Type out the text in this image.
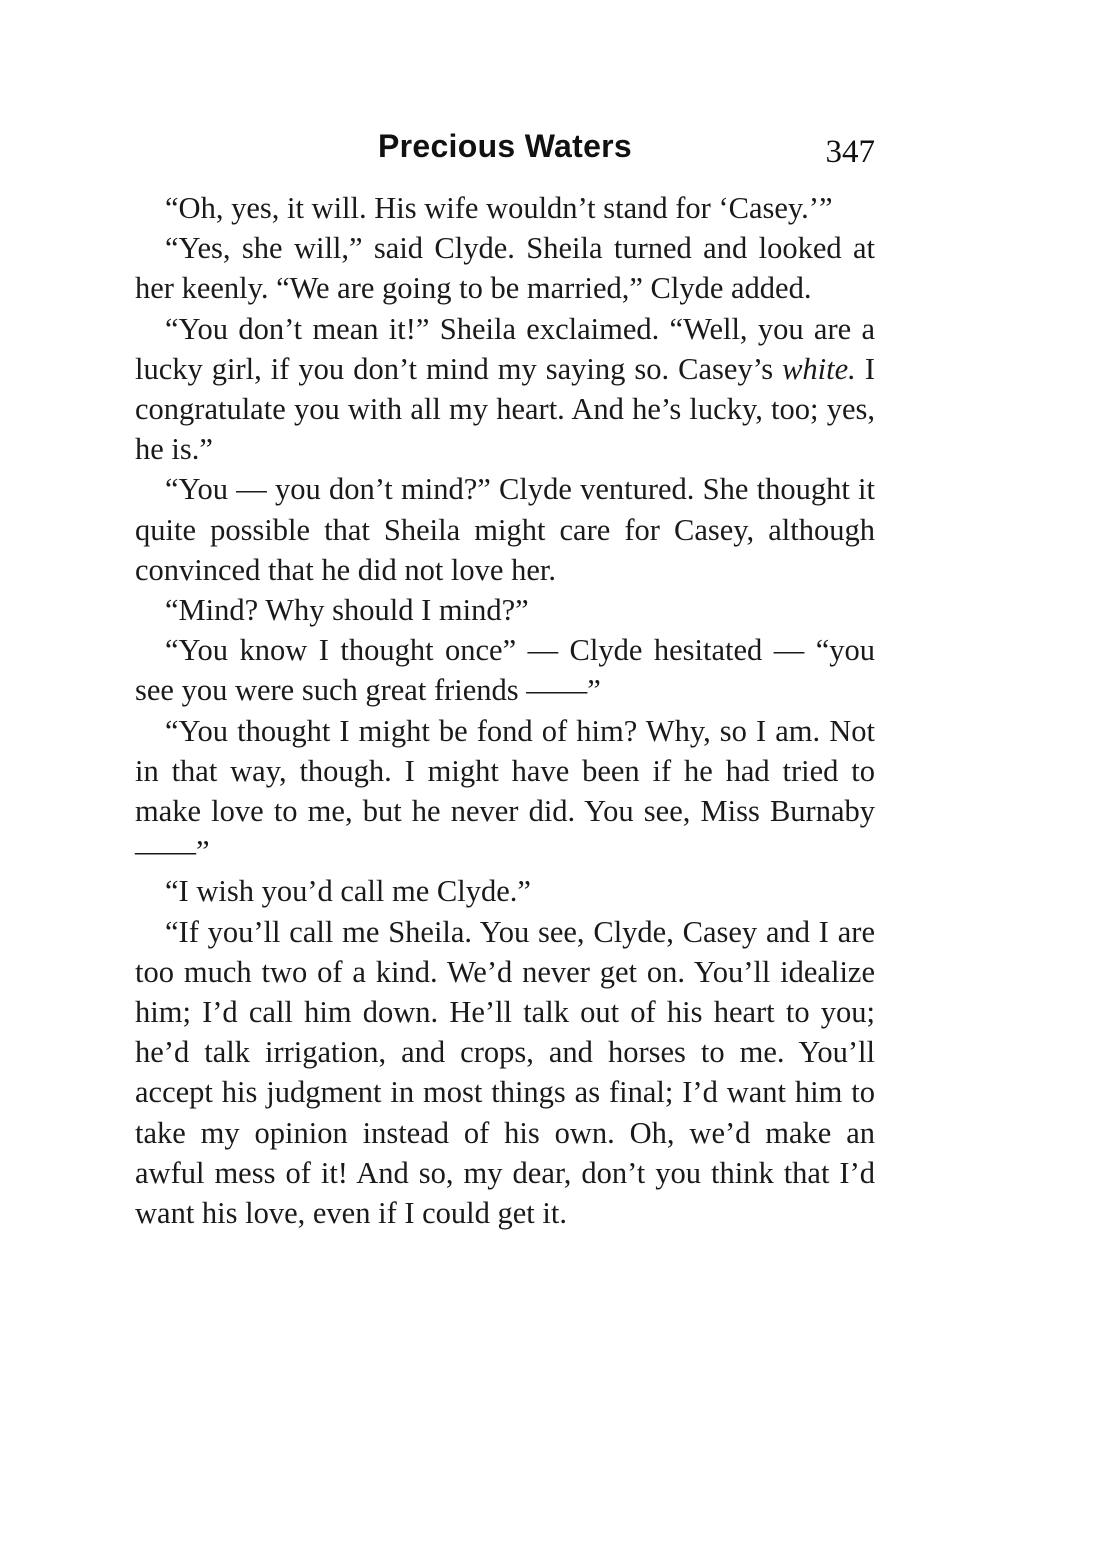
Precious Waters	347

“Oh, yes, it will. His wife wouldn’t stand for ‘Casey.’”

“Yes, she will,” said Clyde. Sheila turned and looked at her keenly. “We are going to be married,” Clyde added.

“You don’t mean it!” Sheila exclaimed. “Well, you are a lucky girl, if you don’t mind my saying so. Casey’s white. I congratulate you with all my heart. And he’s lucky, too; yes, he is.”

“You — you don’t mind?” Clyde ventured. She thought it quite possible that Sheila might care for Casey, although convinced that he did not love her.

“Mind? Why should I mind?”

“You know I thought once” — Clyde hesitated — “you see you were such great friends ——”

“You thought I might be fond of him? Why, so I am. Not in that way, though. I might have been if he had tried to make love to me, but he never did. You see, Miss Burnaby ——”

“I wish you’d call me Clyde.”

“If you’ll call me Sheila. You see, Clyde, Casey and I are too much two of a kind. We’d never get on. You’ll idealize him; I’d call him down. He’ll talk out of his heart to you; he’d talk irrigation, and crops, and horses to me. You’ll accept his judgment in most things as final; I’d want him to take my opinion instead of his own. Oh, we’d make an awful mess of it! And so, my dear, don’t you think that I’d want his love, even if I could get it.
